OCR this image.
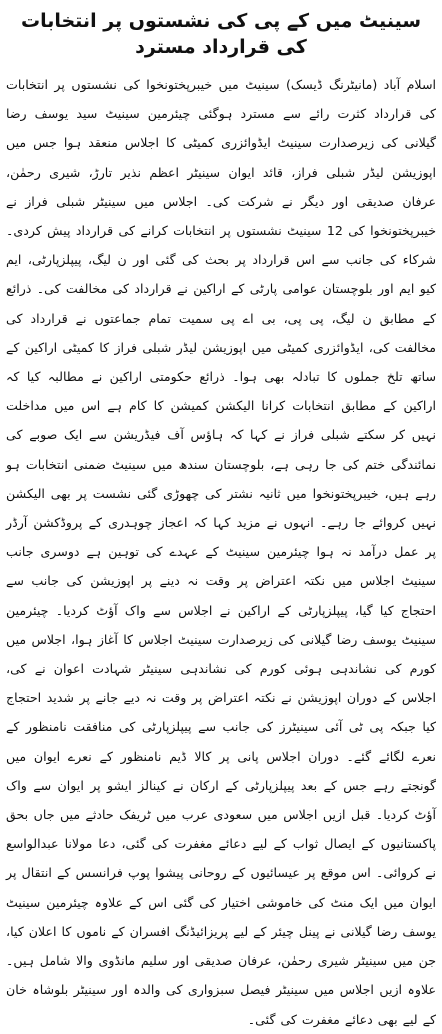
سینیٹ میں کے پی کی نشستوں پر انتخابات کی قرارداد مسترد

اسلام آباد (مانیٹرنگ ڈیسک) سینیٹ میں خیبرپختونخوا کی نشستوں پر انتخابات کی قرارداد کثرت رائے سے مسترد ہوگئی چیئرمین سینیٹ سید یوسف رضا گیلانی کی زیرصدارت سینیٹ ایڈوائزری کمیٹی کا اجلاس منعقد ہوا جس میں اپوزیشن لیڈر شبلی فراز، قائد ایوان سینیٹر اعظم نذیر تارڑ، شیری رحمٰن، عرفان صدیقی اور دیگر نے شرکت کی۔ اجلاس میں سینیٹر شبلی فراز نے خیبرپختونخوا کی 12 سینیٹ نشستوں پر انتخابات کرانے کی قرارداد پیش کردی۔ شرکاء کی جانب سے اس قرارداد پر بحث کی گئی اور ن لیگ، پیپلزپارٹی، ایم کیو ایم اور بلوچستان عوامی پارٹی کے اراکین نے قرارداد کی مخالفت کی۔ ذرائع کے مطابق ن لیگ، پی پی، بی اے پی سمیت تمام جماعتوں نے قرارداد کی مخالفت کی، ایڈوائزری کمیٹی میں اپوزیشن لیڈر شبلی فراز کا کمیٹی اراکین کے ساتھ تلخ جملوں کا تبادلہ بھی ہوا۔ ذرائع حکومتی اراکین نے مطالبہ کیا کہ اراکین کے مطابق انتخابات کرانا الیکشن کمیشن کا کام ہے اس میں مداخلت نہیں کر سکتے شبلی فراز نے کہا کہ ہاؤس آف فیڈریشن سے ایک صوبے کی نمائندگی ختم کی جا رہی ہے، بلوچستان سندھ میں سینیٹ ضمنی انتخابات ہو رہے ہیں، خیبرپختونخوا میں ثانیہ نشتر کی چھوڑی گئی نشست پر بھی الیکشن نہیں کروائے جا رہے۔ انہوں نے مزید کہا کہ اعجاز چوہدری کے پروڈکشن آرڈر پر عمل درآمد نہ ہوا چیئرمین سینیٹ کے عہدے کی توہین ہے دوسری جانب سینیٹ اجلاس میں نکتہ اعتراض پر وقت نہ دینے پر اپوزیشن کی جانب سے احتجاج کیا گیا، پیپلزپارٹی کے اراکین نے اجلاس سے واک آؤٹ کردیا۔ چیئرمین سینیٹ یوسف رضا گیلانی کی زیرصدارت سینیٹ اجلاس کا آغاز ہوا، اجلاس میں کورم کی نشاندہی ہوئی کورم کی نشاندہی سینیٹر شہادت اعوان نے کی، اجلاس کے دوران اپوزیشن نے نکتہ اعتراض پر وقت نہ دیے جانے پر شدید احتجاج کیا جبکہ پی ٹی آئی سینیٹرز کی جانب سے پیپلزپارٹی کی منافقت نامنظور کے نعرے لگائے گئے۔ دوران اجلاس پانی پر کالا ڈیم نامنظور کے نعرے ایوان میں گونجتے رہے جس کے بعد پیپلزپارٹی کے ارکان نے کینالز ایشو پر ایوان سے واک آؤٹ کردیا۔ قبل ازیں اجلاس میں سعودی عرب میں ٹریفک حادثے میں جاں بحق پاکستانیوں کے ایصال ثواب کے لیے دعائے مغفرت کی گئی، دعا مولانا عبدالواسع نے کروائی۔ اس موقع پر عیسائیوں کے روحانی پیشوا پوپ فرانسس کے انتقال پر ایوان میں ایک منٹ کی خاموشی اختیار کی گئی اس کے علاوہ چیئرمین سینیٹ یوسف رضا گیلانی نے پینل چیئر کے لیے پریزائیڈنگ افسران کے ناموں کا اعلان کیا، جن میں سینیٹر شیری رحمٰن، عرفان صدیقی اور سلیم مانڈوی والا شامل ہیں۔ علاوہ ازیں اجلاس میں سینیٹر فیصل سبزواری کی والدہ اور سینیٹر بلوشاہ خان کے لیے بھی دعائے مغفرت کی گئی۔
